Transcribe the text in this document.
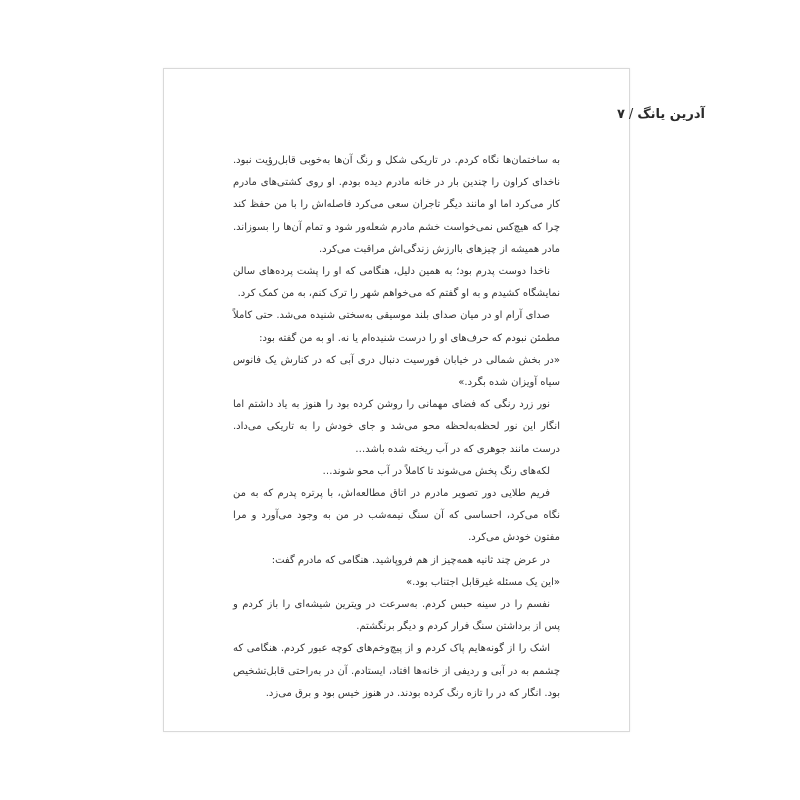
آدرین یانگ/۷

به ساختمان‌ها نگاه کردم. در تاریکی شکل و رنگ آن‌ها به‌خوبی قابل‌رؤیت نبود. ناخدای کراون را چندین بار در خانه مادرم دیده بودم. او روی کشتی‌های مادرم کار می‌کرد اما او مانند دیگر تاجران سعی می‌کرد فاصله‌اش را با من حفظ کند چرا که هیچ‌کس نمی‌خواست خشم مادرم شعله‌ور شود و تمام آن‌ها را بسوزاند. مادر همیشه از چیزهای باارزش زندگی‌اش مراقبت می‌کرد.

ناخدا دوست پدرم بود؛ به همین دلیل، هنگامی که او را پشت پرده‌های سالن نمایشگاه کشیدم و به او گفتم که می‌خواهم شهر را ترک کنم، به من کمک کرد.

صدای آرام او در میان صدای بلند موسیقی به‌سختی شنیده می‌شد. حتی کاملاً مطمئن نبودم که حرف‌های او را درست شنیده‌ام یا نه. او به من گفته بود:

«در بخش شمالی در خیابان فورسیت دنبال دری آبی که در کنارش یک فانوس سیاه آویزان شده بگرد.»

نور زرد رنگی که فضای مهمانی را روشن کرده بود را هنوز به یاد داشتم اما انگار این نور لحظه‌به‌لحظه محو می‌شد و جای خودش را به تاریکی می‌داد. درست مانند جوهری که در آب ریخته شده باشد…

لکه‌های رنگ پخش می‌شوند تا کاملاً در آب محو شوند…

فریم طلایی دور تصویر مادرم در اتاق مطالعه‌اش، با پرتره پدرم که به من نگاه می‌کرد، احساسی که آن سنگ نیمه‌شب در من به وجود می‌آورد و مرا مفتون خودش می‌کرد.

در عرض چند ثانیه همه‌چیز از هم فروپاشید. هنگامی که مادرم گفت:

«این یک مسئله غیرقابل اجتناب بود.»

نفسم را در سینه حبس کردم. به‌سرعت در ویترین شیشه‌ای را باز کردم و پس از برداشتن سنگ فرار کردم و دیگر برنگشتم.

اشک را از گونه‌هایم پاک کردم و از پیچ‌وخم‌های کوچه عبور کردم. هنگامی که چشمم به در آبی و ردیفی از خانه‌ها افتاد، ایستادم. آن در به‌راحتی قابل‌تشخیص بود. انگار که در را تازه رنگ کرده بودند. در هنوز خیس بود و برق می‌زد.
